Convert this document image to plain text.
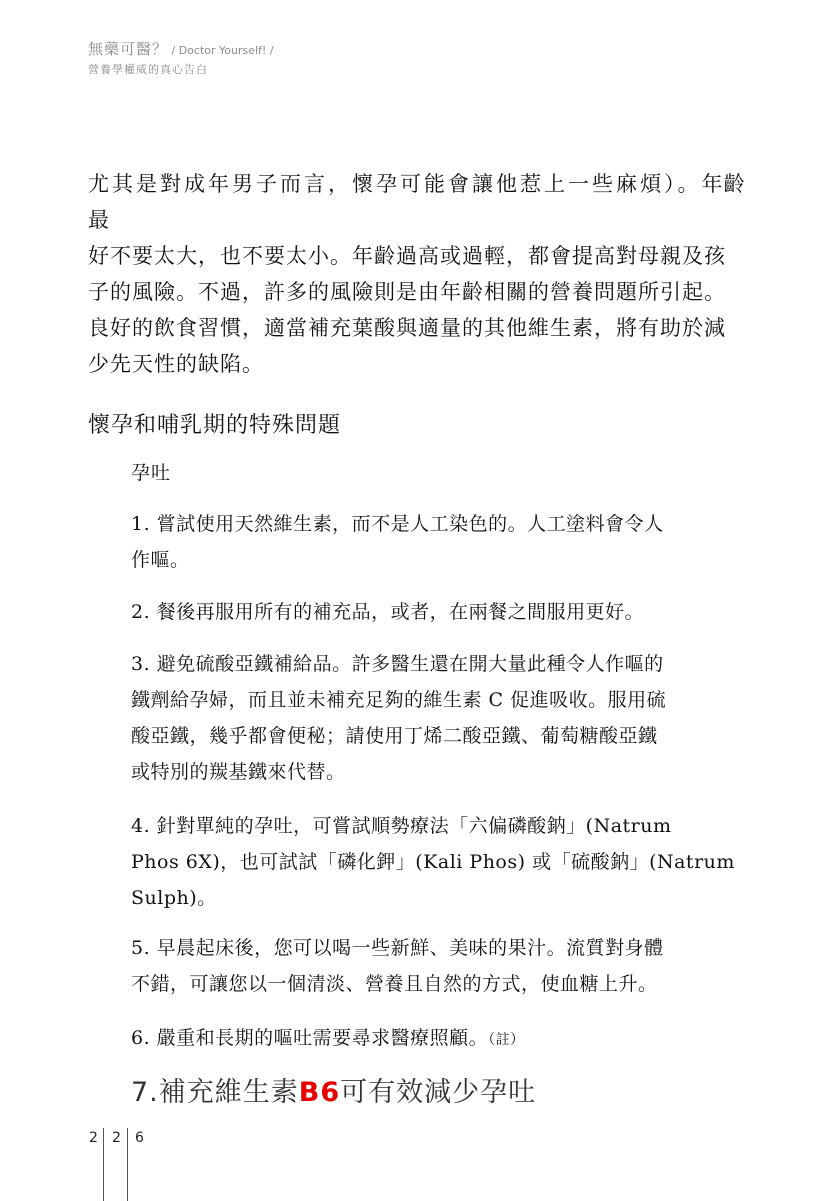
無藥可醫？ / Doctor Yourself! /
營養學權威的真心告白
尤其是對成年男子而言，懷孕可能會讓他惹上一些麻煩）。年齡最
好不要太大，也不要太小。年齡過高或過輕，都會提高對母親及孩
子的風險。不過，許多的風險則是由年齡相關的營養問題所引起。
良好的飲食習慣，適當補充葉酸與適量的其他維生素，將有助於減
少先天性的缺陷。
懷孕和哺乳期的特殊問題
孕吐
1. 嘗試使用天然維生素，而不是人工染色的。人工塗料會令人
作嘔。
2. 餐後再服用所有的補充品，或者，在兩餐之間服用更好。
3. 避免硫酸亞鐵補給品。許多醫生還在開大量此種令人作嘔的
鐵劑給孕婦，而且並未補充足夠的維生素 C 促進吸收。服用硫
酸亞鐵，幾乎都會便秘；請使用丁烯二酸亞鐵、葡萄糖酸亞鐵
或特別的羰基鐵來代替。
4. 針對單純的孕吐，可嘗試順勢療法「六偏磷酸鈉」(Natrum
Phos 6X)，也可試試「磷化鉀」(Kali Phos) 或「硫酸鈉」(Natrum
Sulph)。
5. 早晨起床後，您可以喝一些新鮮、美味的果汁。流質對身體
不錯，可讓您以一個清淡、營養且自然的方式，使血糖上升。
6. 嚴重和長期的嘔吐需要尋求醫療照顧。（註）
7.補充維生素B6可有效減少孕吐
2 2 6
